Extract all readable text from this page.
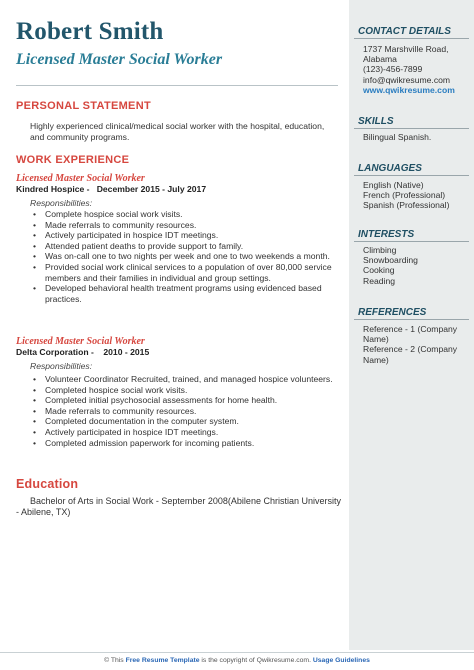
Robert Smith
Licensed Master Social Worker
PERSONAL STATEMENT
Highly experienced clinical/medical social worker with the hospital, education, and community programs.
WORK EXPERIENCE
Licensed Master Social Worker
Kindred Hospice -   December 2015 - July 2017
Responsibilities:
• Complete hospice social work visits.
• Made referrals to community resources.
• Actively participated in hospice IDT meetings.
• Attended patient deaths to provide support to family.
• Was on-call one to two nights per week and one to two weekends a month.
• Provided social work clinical services to a population of over 80,000 service members and their families in individual and group settings.
• Developed behavioral health treatment programs using evidenced based practices.
Licensed Master Social Worker
Delta Corporation -    2010 - 2015
Responsibilities:
• Volunteer Coordinator Recruited, trained, and managed hospice volunteers.
• Completed hospice social work visits.
• Completed initial psychosocial assessments for home health.
• Made referrals to community resources.
• Completed documentation in the computer system.
• Actively participated in hospice IDT meetings.
• Completed admission paperwork for incoming patients.
Education
Bachelor of Arts in Social Work - September 2008(Abilene Christian University - Abilene, TX)
CONTACT DETAILS
1737 Marshville Road, Alabama
(123)-456-7899
info@qwikresume.com
www.qwikresume.com
SKILLS
Bilingual Spanish.
LANGUAGES
English (Native)
French (Professional)
Spanish (Professional)
INTERESTS
Climbing
Snowboarding
Cooking
Reading
REFERENCES
Reference - 1 (Company Name)
Reference - 2 (Company Name)
© This Free Resume Template is the copyright of Qwikresume.com. Usage Guidelines
